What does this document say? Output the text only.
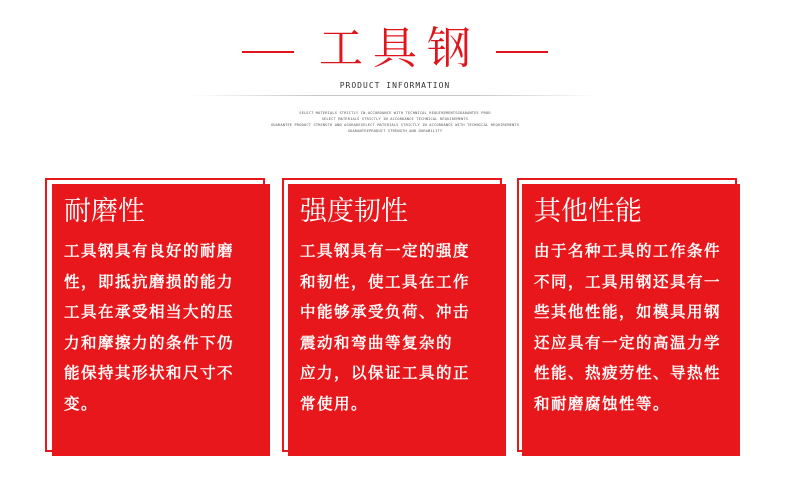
工具钢
PRODUCT INFORMATION
SELECT MATERIALS STRICTLY IN ACCORDANCE WITH TECHNICAL REQUIREMENTSGUARANTEE PROD
SELECT MATERIALS STRICTLY IN ACCORDANCE TECHNICAL REQUIREMENTS
GUARANTEE PRODUCT STRENGTH AND AGGRADESELECT MATERIALS STRICTLY IN ACCORDANCE WITH TECHNICAL REQUIREMENTS
GUARANTEEPRODUCT STRENGTH AND DURABILITY
耐磨性
工具钢具有良好的耐磨
性，即抵抗磨损的能力
工具在承受相当大的压
力和摩擦力的条件下仍
能保持其形状和尺寸不
变。
强度韧性
工具钢具有一定的强度
和韧性，使工具在工作
中能够承受负荷、冲击
震动和弯曲等复杂的
应力，以保证工具的正
常使用。
其他性能
由于名种工具的工作条件
不同，工具用钢还具有一
些其他性能，如模具用钢
还应具有一定的高温力学
性能、热疲劳性、导热性
和耐磨腐蚀性等。
